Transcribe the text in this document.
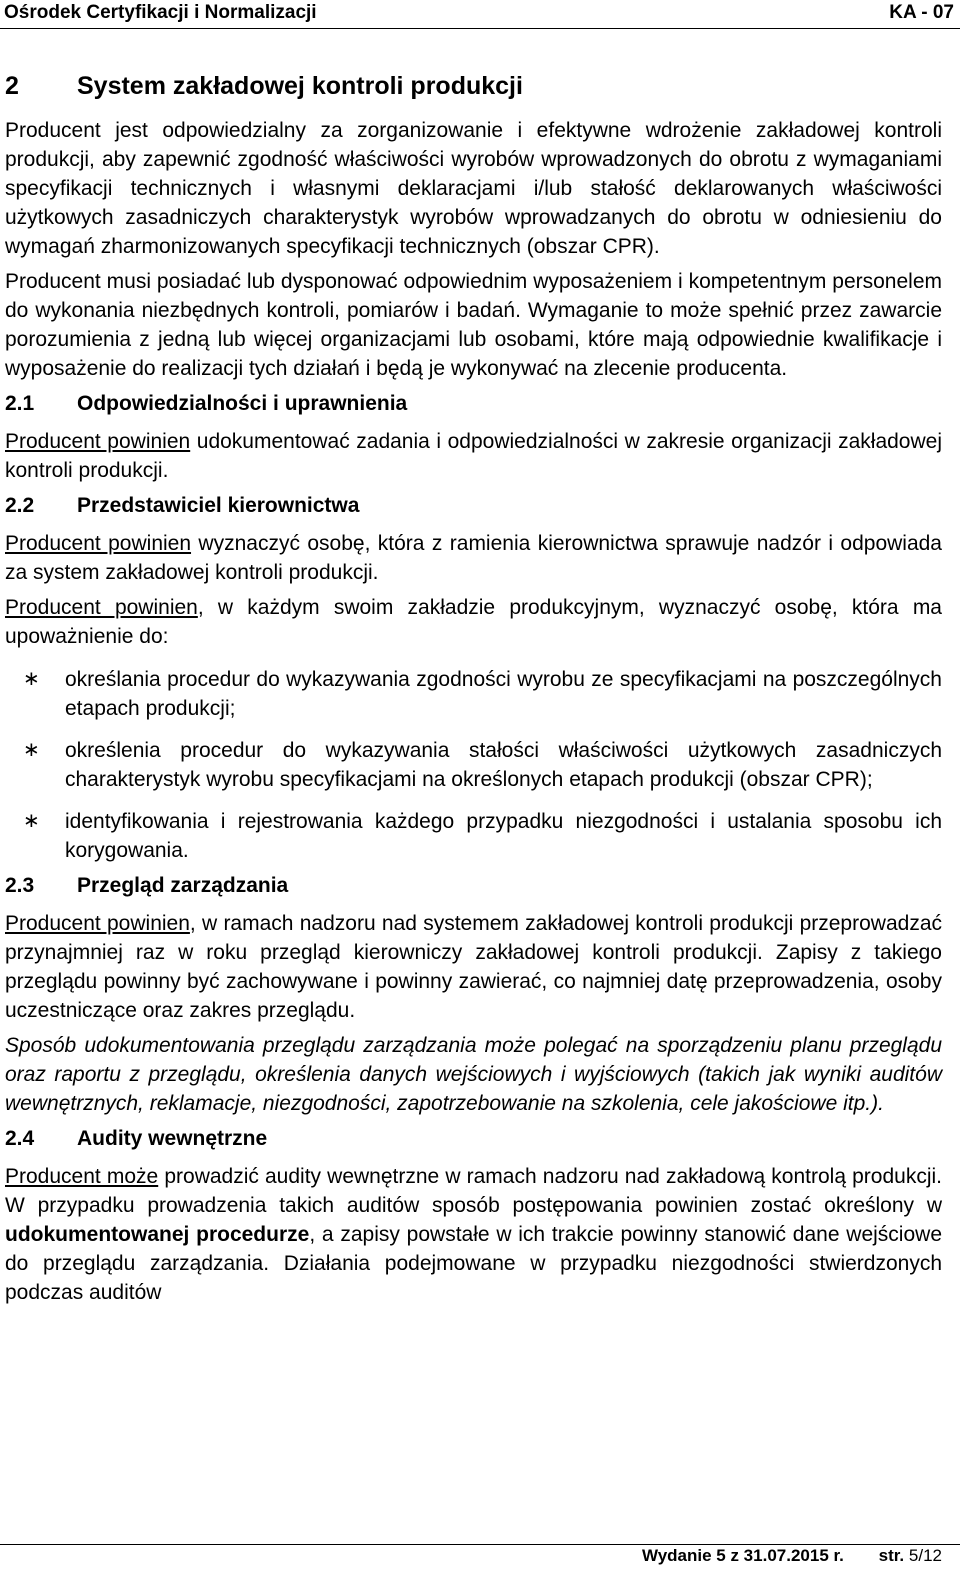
Ośrodek Certyfikacji i Normalizacji	KA - 07
2	System zakładowej kontroli produkcji

Producent jest odpowiedzialny za zorganizowanie i efektywne wdrożenie zakładowej kontroli produkcji, aby zapewnić zgodność właściwości wyrobów wprowadzonych do obrotu z wymaganiami specyfikacji technicznych i własnymi deklaracjami i/lub stałość deklarowanych właściwości użytkowych zasadniczych charakterystyk wyrobów wprowadzanych do obrotu w odniesieniu do wymagań zharmonizowanych specyfikacji technicznych (obszar CPR).

Producent musi posiadać lub dysponować odpowiednim wyposażeniem i kompetentnym personelem do wykonania niezbędnych kontroli, pomiarów i badań. Wymaganie to może spełnić przez zawarcie porozumienia z jedną lub więcej organizacjami lub osobami, które mają odpowiednie kwalifikacje i wyposażenie do realizacji tych działań i będą je wykonywać na zlecenie producenta.

2.1	Odpowiedzialności i uprawnienia

Producent powinien udokumentować zadania i odpowiedzialności w zakresie organizacji zakładowej kontroli produkcji.

2.2	Przedstawiciel kierownictwa

Producent powinien wyznaczyć osobę, która z ramienia kierownictwa sprawuje nadzór i odpowiada za system zakładowej kontroli produkcji.

Producent powinien, w każdym swoim zakładzie produkcyjnym, wyznaczyć osobę, która ma upoważnienie do:

∗ określania procedur do wykazywania zgodności wyrobu ze specyfikacjami na poszczególnych etapach produkcji;
∗ określenia procedur do wykazywania stałości właściwości użytkowych zasadniczych charakterystyk wyrobu specyfikacjami na określonych etapach produkcji (obszar CPR);
∗ identyfikowania i rejestrowania każdego przypadku niezgodności i ustalania sposobu ich korygowania.
2.3	Przegląd zarządzania

Producent powinien, w ramach nadzoru nad systemem zakładowej kontroli produkcji przeprowadzać przynajmniej raz w roku przegląd kierowniczy zakładowej kontroli produkcji. Zapisy z takiego przeglądu powinny być zachowywane i powinny zawierać, co najmniej datę przeprowadzenia, osoby uczestniczące oraz zakres przeglądu.

Sposób udokumentowania przeglądu zarządzania może polegać na sporządzeniu planu przeglądu oraz raportu z przeglądu, określenia danych wejściowych i wyjściowych (takich jak wyniki auditów wewnętrznych, reklamacje, niezgodności, zapotrzebowanie na szkolenia, cele jakościowe itp.).

2.4	Audity wewnętrzne

Producent może prowadzić audity wewnętrzne w ramach nadzoru nad zakładową kontrolą produkcji. W przypadku prowadzenia takich auditów sposób postępowania powinien zostać określony w udokumentowanej procedurze, a zapisy powstałe w ich trakcie powinny stanowić dane wejściowe do przeglądu zarządzania. Działania podejmowane w przypadku niezgodności stwierdzonych podczas auditów

Wydanie 5 z 31.07.2015 r. str. 5/12
